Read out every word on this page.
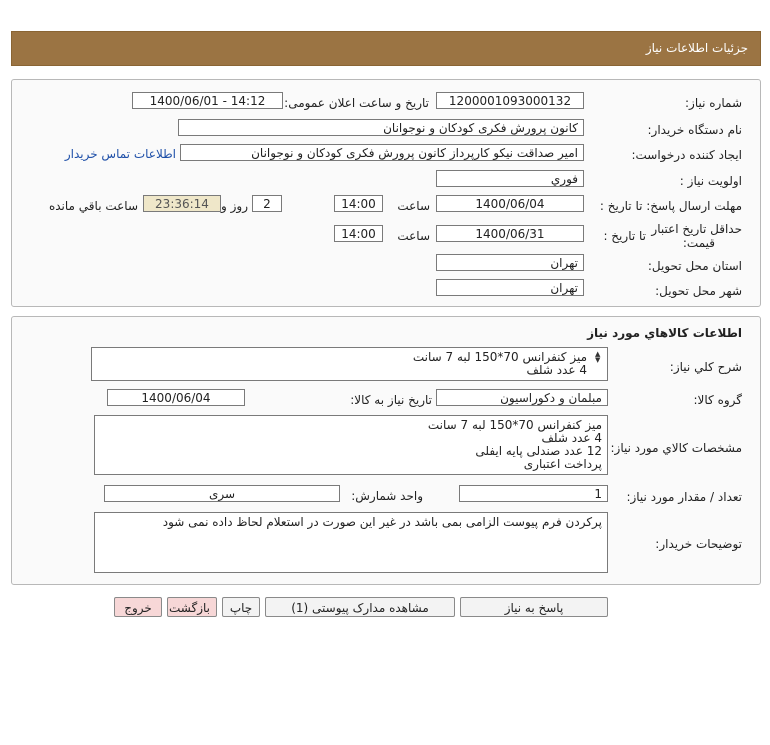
جزئیات اطلاعات نیاز
شماره نیاز:
1200001093000132
تاریخ و ساعت اعلان عمومی:
1400/06/01 - 14:12
نام دستگاه خریدار:
کانون پرورش فکری کودکان و نوجوانان
ایجاد کننده درخواست:
امیر صداقت نیکو کارپرداز کانون پرورش فکری کودکان و نوجوانان
اطلاعات تماس خریدار
اولویت نیاز :
فوري
مهلت ارسال پاسخ: تا تاریخ :
1400/06/04
ساعت
14:00
2
روز و
23:36:14
ساعت باقي مانده
حداقل تاریخ اعتبار
قیمت:
تا تاریخ :
1400/06/31
ساعت
14:00
استان محل تحویل:
تهران
شهر محل تحویل:
تهران
اطلاعات کالاهاي مورد نياز
شرح کلي نياز:
میز کنفرانس 70*150 لبه 7 سانت
4 عدد شلف
▲
▼
گروه کالا:
مبلمان و دکوراسیون
تاریخ نیاز به کالا:
1400/06/04
مشخصات کالاي مورد نياز:
میز کنفرانس 70*150 لبه 7 سانت
4 عدد شلف
12 عدد صندلی پایه ایفلی
پرداخت اعتباری
تعداد / مقدار مورد نیاز:
1
واحد شمارش:
سری
توضیحات خریدار:
پرکردن فرم پیوست الزامی بمی باشد در غیر این صورت در استعلام لحاظ داده نمی شود
پاسخ به نیاز
مشاهده مدارک پیوستی (1)
چاپ
بازگشت
خروج
